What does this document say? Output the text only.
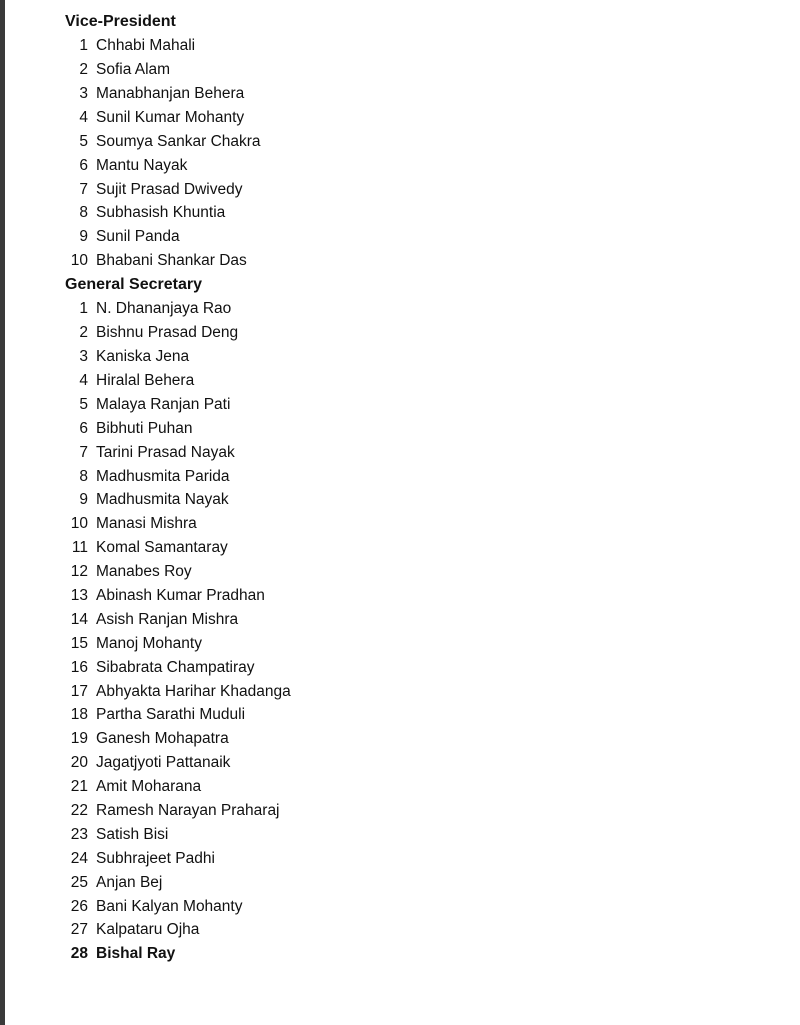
Vice-President
1 Chhabi Mahali
2 Sofia Alam
3 Manabhanjan Behera
4 Sunil Kumar Mohanty
5 Soumya Sankar Chakra
6 Mantu Nayak
7 Sujit Prasad Dwivedy
8 Subhasish Khuntia
9 Sunil Panda
10 Bhabani Shankar Das
General Secretary
1 N. Dhananjaya Rao
2 Bishnu Prasad Deng
3 Kaniska Jena
4 Hiralal Behera
5 Malaya Ranjan Pati
6 Bibhuti Puhan
7 Tarini Prasad Nayak
8 Madhusmita Parida
9 Madhusmita Nayak
10 Manasi Mishra
11 Komal Samantaray
12 Manabes Roy
13 Abinash Kumar Pradhan
14 Asish Ranjan Mishra
15 Manoj Mohanty
16 Sibabrata Champatiray
17 Abhyakta Harihar Khadanga
18 Partha Sarathi Muduli
19 Ganesh Mohapatra
20 Jagatjyoti Pattanaik
21 Amit Moharana
22 Ramesh Narayan Praharaj
23 Satish Bisi
24 Subhrajeet Padhi
25 Anjan Bej
26 Bani Kalyan Mohanty
27 Kalpataru Ojha
28 Bishal Ray
